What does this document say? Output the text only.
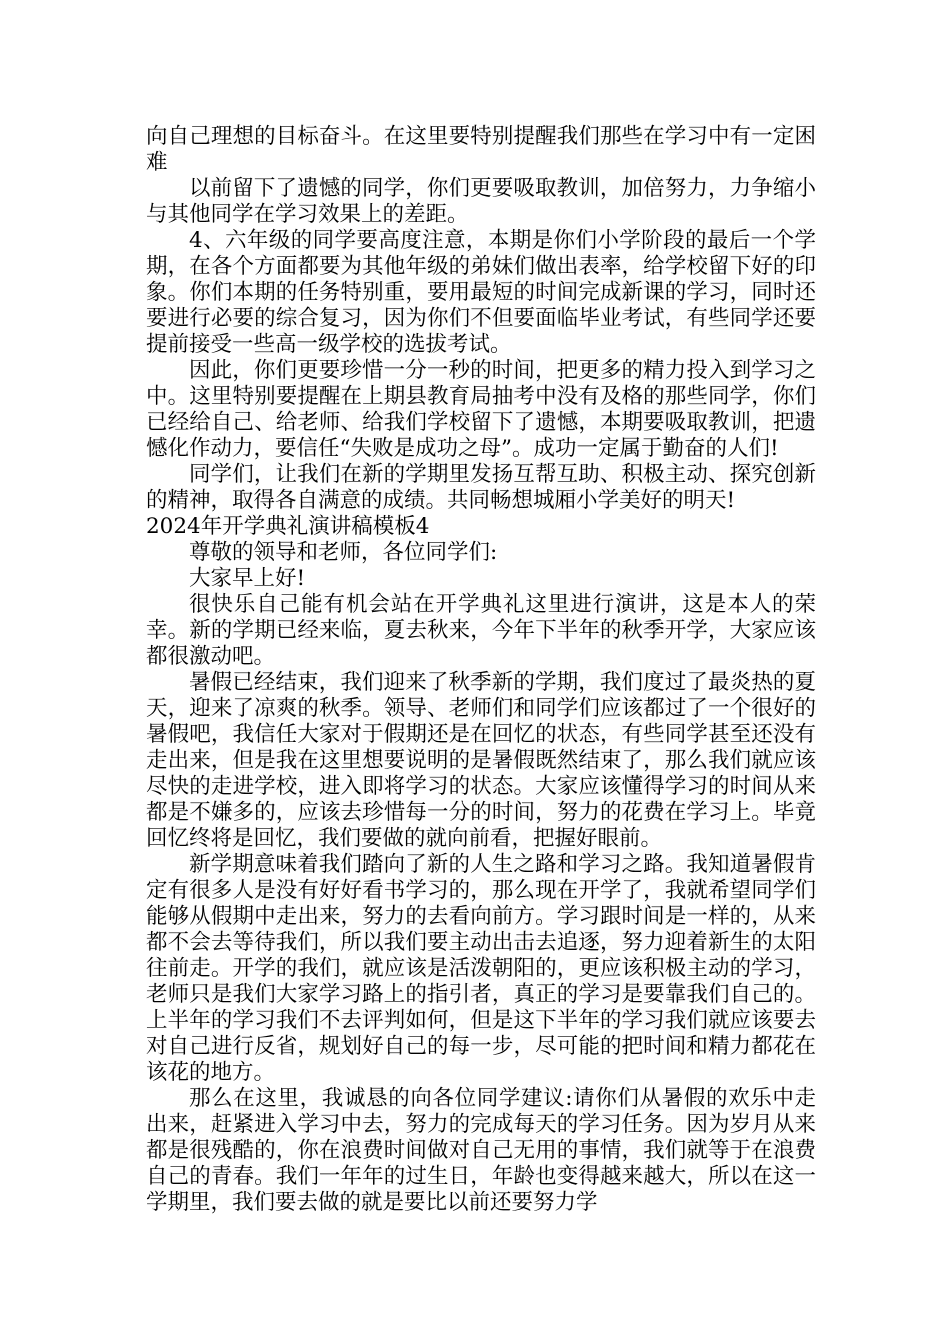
向自己理想的目标奋斗。在这里要特别提醒我们那些在学习中有一定困难

以前留下了遗憾的同学，你们更要吸取教训，加倍努力，力争缩小与其他同学在学习效果上的差距。

4、六年级的同学要高度注意，本期是你们小学阶段的最后一个学期，在各个方面都要为其他年级的弟妹们做出表率，给学校留下好的印象。你们本期的任务特别重，要用最短的时间完成新课的学习，同时还要进行必要的综合复习，因为你们不但要面临毕业考试，有些同学还要提前接受一些高一级学校的选拔考试。

因此，你们更要珍惜一分一秒的时间，把更多的精力投入到学习之中。这里特别要提醒在上期县教育局抽考中没有及格的那些同学，你们已经给自己、给老师、给我们学校留下了遗憾，本期要吸取教训，把遗憾化作动力，要信任“失败是成功之母”。成功一定属于勤奋的人们!

同学们，让我们在新的学期里发扬互帮互助、积极主动、探究创新的精神，取得各自满意的成绩。共同畅想城厢小学美好的明天!

2024年开学典礼演讲稿模板4

尊敬的领导和老师，各位同学们:

大家早上好!

很快乐自己能有机会站在开学典礼这里进行演讲，这是本人的荣幸。新的学期已经来临，夏去秋来，今年下半年的秋季开学，大家应该都很激动吧。

暑假已经结束，我们迎来了秋季新的学期，我们度过了最炎热的夏天，迎来了凉爽的秋季。领导、老师们和同学们应该都过了一个很好的暑假吧，我信任大家对于假期还是在回忆的状态，有些同学甚至还没有走出来，但是我在这里想要说明的是暑假既然结束了，那么我们就应该尽快的走进学校，进入即将学习的状态。大家应该懂得学习的时间从来都是不嫌多的，应该去珍惜每一分的时间，努力的花费在学习上。毕竟回忆终将是回忆，我们要做的就向前看，把握好眼前。

新学期意味着我们踏向了新的人生之路和学习之路。我知道暑假肯定有很多人是没有好好看书学习的，那么现在开学了，我就希望同学们能够从假期中走出来，努力的去看向前方。学习跟时间是一样的，从来都不会去等待我们，所以我们要主动出击去追逐，努力迎着新生的太阳往前走。开学的我们，就应该是活泼朝阳的，更应该积极主动的学习，老师只是我们大家学习路上的指引者，真正的学习是要靠我们自己的。上半年的学习我们不去评判如何，但是这下半年的学习我们就应该要去对自己进行反省，规划好自己的每一步，尽可能的把时间和精力都花在该花的地方。

那么在这里，我诚恳的向各位同学建议:请你们从暑假的欢乐中走出来，赶紧进入学习中去，努力的完成每天的学习任务。因为岁月从来都是很残酷的，你在浪费时间做对自己无用的事情，我们就等于在浪费自己的青春。我们一年年的过生日，年龄也变得越来越大，所以在这一学期里，我们要去做的就是要比以前还要努力学
